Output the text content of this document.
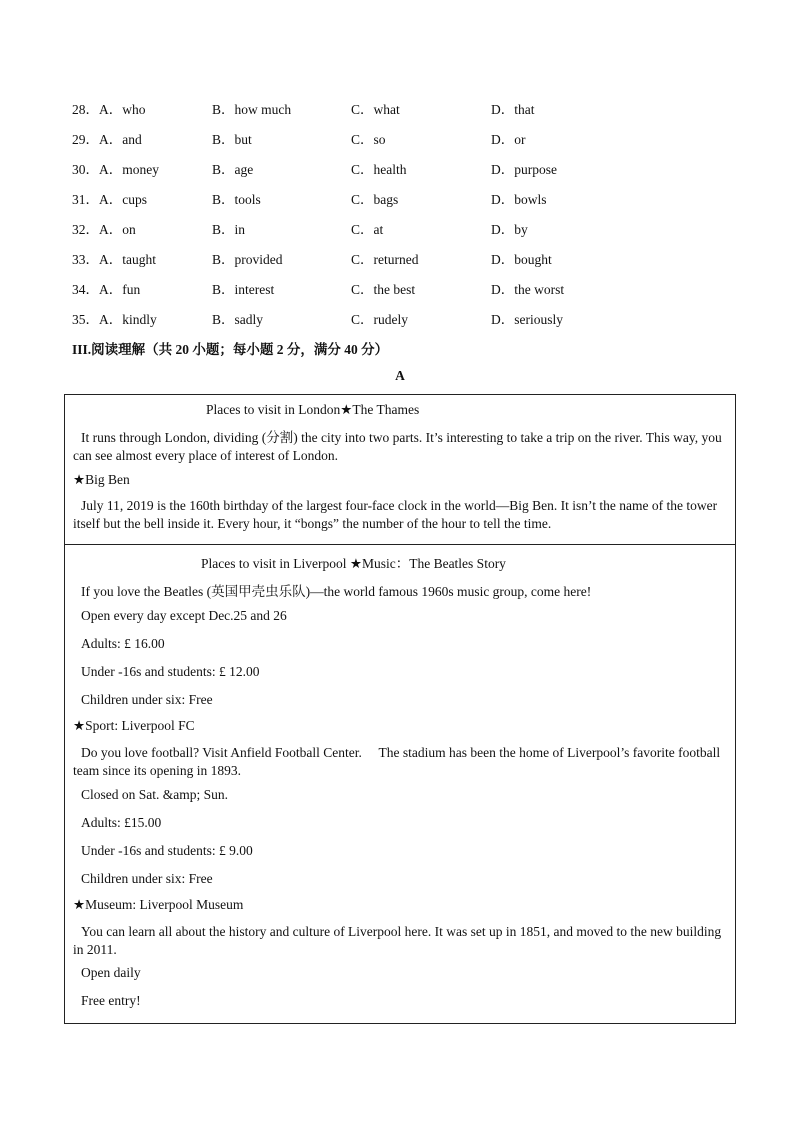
28．A．who	B．how much	C．what	D．that
29．A．and	B．but	C．so	D．or
30．A．money	B．age	C．health	D．purpose
31．A．cups	B．tools	C．bags	D．bowls
32．A．on	B．in	C．at	D．by
33．A．taught	B．provided	C．returned	D．bought
34．A．fun	B．interest	C．the best	D．the worst
35．A．kindly	B．sadly	C．rudely	D．seriously
III.阅读理解（共 20 小题；每小题 2 分，满分 40 分）
A
Places to visit in London★The Thames
It runs through London, dividing (分割) the city into two parts. It’s interesting to take a trip on the river. This way, you can see almost every place of interest of London.
★Big Ben
July 11, 2019 is the 160th birthday of the largest four-face clock in the world—Big Ben. It isn’t the name of the tower itself but the bell inside it. Every hour, it “bongs” the number of the hour to tell the time.
Places to visit in Liverpool ★Music：The Beatles Story
If you love the Beatles (英国甲壳虫乐队)—the world famous 1960s music group, come here!
Open every day except Dec.25 and 26
Adults: £ 16.00
Under -16s and students: £ 12.00
Children under six: Free
★Sport: Liverpool FC
Do you love football? Visit Anfield Football Center.     The stadium has been the home of Liverpool’s favorite football team since its opening in 1893.
Closed on Sat. &amp; Sun.
Adults: £15.00
Under -16s and students: £ 9.00
Children under six: Free
★Museum: Liverpool Museum
You can learn all about the history and culture of Liverpool here. It was set up in 1851, and moved to the new building in 2011.
Open daily
Free entry!
